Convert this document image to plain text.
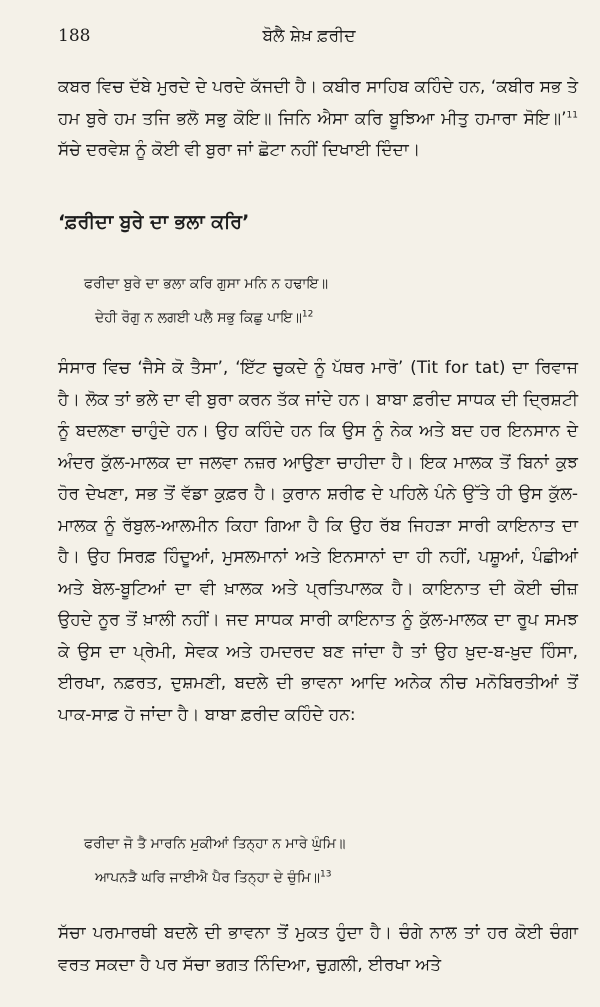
188	ਬੋਲੈ ਸ਼ੇਖ਼ ਫ਼ਰੀਦ

ਕਬਰ ਵਿਚ ਦੱਬੇ ਮੁਰਦੇ ਦੇ ਪਰਦੇ ਕੱਜਦੀ ਹੈ। ਕਬੀਰ ਸਾਹਿਬ ਕਹਿੰਦੇ ਹਨ, ‘ਕਬੀਰ ਸਭ ਤੇ ਹਮ ਬੁਰੇ ਹਮ ਤਜਿ ਭਲੋ ਸਭੁ ਕੋਇ॥ ਜਿਨਿ ਐਸਾ ਕਰਿ ਬੂਝਿਆ ਮੀਤੁ ਹਮਾਰਾ ਸੋਇ॥’$^{11}$ ਸੱਚੇ ਦਰਵੇਸ਼ ਨੂੰ ਕੋਈ ਵੀ ਬੁਰਾ ਜਾਂ ਛੋਟਾ ਨਹੀਂ ਦਿਖਾਈ ਦਿੰਦਾ।

‘ਫ਼ਰੀਦਾ ਬੁਰੇ ਦਾ ਭਲਾ ਕਰਿ’

ਫਰੀਦਾ ਬੁਰੇ ਦਾ ਭਲਾ ਕਰਿ ਗੁਸਾ ਮਨਿ ਨ ਹਢਾਇ॥

ਦੇਹੀ ਰੋਗੁ ਨ ਲਗਈ ਪਲੈ ਸਭੁ ਕਿਛੁ ਪਾਇ॥$^{12}$

ਸੰਸਾਰ ਵਿਚ ‘ਜੈਸੇ ਕੋ ਤੈਸਾ’, ‘ਇੱਟ ਚੁਕਦੇ ਨੂੰ ਪੱਥਰ ਮਾਰੋ’ (Tit for tat) ਦਾ ਰਿਵਾਜ ਹੈ। ਲੋਕ ਤਾਂ ਭਲੇ ਦਾ ਵੀ ਬੁਰਾ ਕਰਨ ਤੱਕ ਜਾਂਦੇ ਹਨ। ਬਾਬਾ ਫ਼ਰੀਦ ਸਾਧਕ ਦੀ ਦ੍ਰਿਸ਼ਟੀ ਨੂੰ ਬਦਲਣਾ ਚਾਹੁੰਦੇ ਹਨ। ਉਹ ਕਹਿੰਦੇ ਹਨ ਕਿ ਉਸ ਨੂੰ ਨੇਕ ਅਤੇ ਬਦ ਹਰ ਇਨਸਾਨ ਦੇ ਅੰਦਰ ਕੁੱਲ-ਮਾਲਕ ਦਾ ਜਲਵਾ ਨਜ਼ਰ ਆਉਣਾ ਚਾਹੀਦਾ ਹੈ। ਇਕ ਮਾਲਕ ਤੋਂ ਬਿਨਾਂ ਕੁਝ ਹੋਰ ਦੇਖਣਾ, ਸਭ ਤੋਂ ਵੱਡਾ ਕੁਫ਼ਰ ਹੈ। ਕੁਰਾਨ ਸ਼ਰੀਫ ਦੇ ਪਹਿਲੇ ਪੰਨੇ ਉੱਤੇ ਹੀ ਉਸ ਕੁੱਲ-ਮਾਲਕ ਨੂੰ ਰੱਬੁਲ-ਆਲਮੀਨ ਕਿਹਾ ਗਿਆ ਹੈ ਕਿ ਉਹ ਰੱਬ ਜਿਹੜਾ ਸਾਰੀ ਕਾਇਨਾਤ ਦਾ ਹੈ। ਉਹ ਸਿਰਫ਼ ਹਿੰਦੂਆਂ, ਮੁਸਲਮਾਨਾਂ ਅਤੇ ਇਨਸਾਨਾਂ ਦਾ ਹੀ ਨਹੀਂ, ਪਸ਼ੂਆਂ, ਪੰਛੀਆਂ ਅਤੇ ਬੇਲ-ਬੂਟਿਆਂ ਦਾ ਵੀ ਖ਼ਾਲਕ ਅਤੇ ਪ੍ਰਤਿਪਾਲਕ ਹੈ। ਕਾਇਨਾਤ ਦੀ ਕੋਈ ਚੀਜ਼ ਉਹਦੇ ਨੂਰ ਤੋਂ ਖ਼ਾਲੀ ਨਹੀਂ। ਜਦ ਸਾਧਕ ਸਾਰੀ ਕਾਇਨਾਤ ਨੂੰ ਕੁੱਲ-ਮਾਲਕ ਦਾ ਰੂਪ ਸਮਝ ਕੇ ਉਸ ਦਾ ਪ੍ਰੇਮੀ, ਸੇਵਕ ਅਤੇ ਹਮਦਰਦ ਬਣ ਜਾਂਦਾ ਹੈ ਤਾਂ ਉਹ ਖ਼ੁਦ-ਬ-ਖ਼ੁਦ ਹਿੰਸਾ, ਈਰਖਾ, ਨਫ਼ਰਤ, ਦੁਸ਼ਮਣੀ, ਬਦਲੇ ਦੀ ਭਾਵਨਾ ਆਦਿ ਅਨੇਕ ਨੀਚ ਮਨੋਬਿਰਤੀਆਂ ਤੋਂ ਪਾਕ-ਸਾਫ਼ ਹੋ ਜਾਂਦਾ ਹੈ। ਬਾਬਾ ਫ਼ਰੀਦ ਕਹਿੰਦੇ ਹਨ:

ਫਰੀਦਾ ਜੋ ਤੈ ਮਾਰਨਿ ਮੁਕੀਆਂ ਤਿਨ੍ਹਾ ਨ ਮਾਰੇ ਘੁੰਮਿ॥

ਆਪਨੜੈ ਘਰਿ ਜਾਈਐ ਪੈਰ ਤਿਨ੍ਹਾ ਦੇ ਚੁੰਮਿ॥$^{13}$

ਸੱਚਾ ਪਰਮਾਰਥੀ ਬਦਲੇ ਦੀ ਭਾਵਨਾ ਤੋਂ ਮੁਕਤ ਹੁੰਦਾ ਹੈ। ਚੰਗੇ ਨਾਲ ਤਾਂ ਹਰ ਕੋਈ ਚੰਗਾ ਵਰਤ ਸਕਦਾ ਹੈ ਪਰ ਸੱਚਾ ਭਗਤ ਨਿੰਦਿਆ, ਚੁਗ਼ਲੀ, ਈਰਖਾ ਅਤੇ
